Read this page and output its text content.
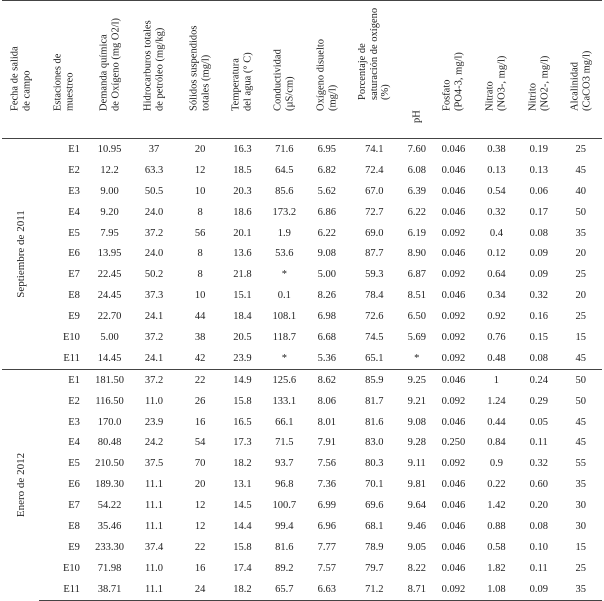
Fecha de salida de campo	Estaciones de muestreo	Demanda química de Oxígeno (mg O2/l)	Hidrocarburos totales de petróleo (mg/kg)	Sólidos suspendidos totales (mg/l)	Temperatura del agua (° C)	Conductividad (µS/cm)	Oxígeno disuelto (mg/l)	Porcentaje de saturación de oxígeno (%)	pH	Fosfato (PO4-3, mg/l)	Nitrato (NO3-, mg/l)	Nitrito (NO2-, mg/l)	Alcalinidad (CaCO3 mg/l)

Septiembre de 2011	E1	10.95	37	20	16.3	71.6	6.95	74.1	7.60	0.046	0.38	0.19	25
	E2	12.2	63.3	12	18.5	64.5	6.82	72.4	6.08	0.046	0.13	0.13	45
	E3	9.00	50.5	10	20.3	85.6	5.62	67.0	6.39	0.046	0.54	0.06	40
	E4	9.20	24.0	8	18.6	173.2	6.86	72.7	6.22	0.046	0.32	0.17	50
	E5	7.95	37.2	56	20.1	1.9	6.22	69.0	6.19	0.092	0.4	0.08	35
	E6	13.95	24.0	8	13.6	53.6	9.08	87.7	8.90	0.046	0.12	0.09	20
	E7	22.45	50.2	8	21.8	*	5.00	59.3	6.87	0.092	0.64	0.09	25
	E8	24.45	37.3	10	15.1	0.1	8.26	78.4	8.51	0.046	0.34	0.32	20
	E9	22.70	24.1	44	18.4	108.1	6.98	72.6	6.50	0.092	0.92	0.16	25
	E10	5.00	37.2	38	20.5	118.7	6.68	74.5	5.69	0.092	0.76	0.15	15
	E11	14.45	24.1	42	23.9	*	5.36	65.1	*	0.092	0.48	0.08	45

Enero de 2012	E1	181.50	37.2	22	14.9	125.6	8.62	85.9	9.25	0.046	1	0.24	50
	E2	116.50	11.0	26	15.8	133.1	8.06	81.7	9.21	0.092	1.24	0.29	50
	E3	170.0	23.9	16	16.5	66.1	8.01	81.6	9.08	0.046	0.44	0.05	45
	E4	80.48	24.2	54	17.3	71.5	7.91	83.0	9.28	0.250	0.84	0.11	45
	E5	210.50	37.5	70	18.2	93.7	7.56	80.3	9.11	0.092	0.9	0.32	55
	E6	189.30	11.1	20	13.1	96.8	7.36	70.1	9.81	0.046	0.22	0.60	35
	E7	54.22	11.1	12	14.5	100.7	6.99	69.6	9.64	0.046	1.42	0.20	30
	E8	35.46	11.1	12	14.4	99.4	6.96	68.1	9.46	0.046	0.88	0.08	30
	E9	233.30	37.4	22	15.8	81.6	7.77	78.9	9.05	0.046	0.58	0.10	15
	E10	71.98	11.0	16	17.4	89.2	7.57	79.7	8.22	0.046	1.82	0.11	25
	E11	38.71	11.1	24	18.2	65.7	6.63	71.2	8.71	0.092	1.08	0.09	35
